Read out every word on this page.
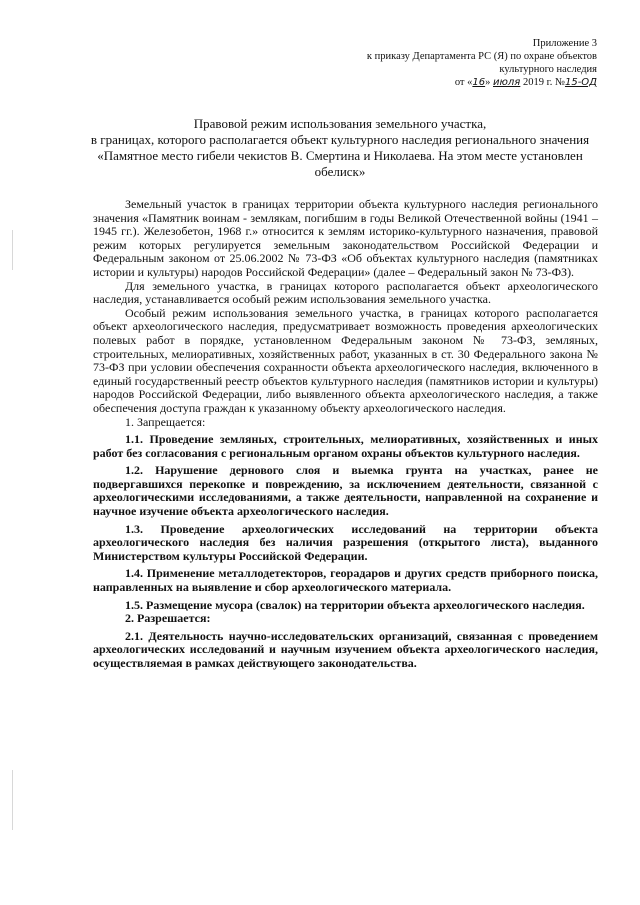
Приложение 3
к приказу Департамента РС (Я) по охране объектов
культурного наследия
от «16» июля 2019 г. №15-ОД
Правовой режим использования земельного участка,
в границах, которого располагается объект культурного наследия регионального значения
«Памятное место гибели чекистов В. Смертина и Николаева. На этом месте установлен
обелиск»

Земельный участок в границах территории объекта культурного наследия регионального значения «Памятник воинам - землякам, погибшим в годы Великой Отечественной войны (1941 – 1945 гг.). Железобетон, 1968 г.» относится к землям историко-культурного назначения, правовой режим которых регулируется земельным законодательством Российской Федерации и Федеральным законом от 25.06.2002 № 73-ФЗ «Об объектах культурного наследия (памятниках истории и культуры) народов Российской Федерации» (далее – Федеральный закон № 73-ФЗ).

Для земельного участка, в границах которого располагается объект археологического наследия, устанавливается особый режим использования земельного участка.

Особый режим использования земельного участка, в границах которого располагается объект археологического наследия, предусматривает возможность проведения археологических полевых работ в порядке, установленном Федеральным законом № 73-ФЗ, земляных, строительных, мелиоративных, хозяйственных работ, указанных в ст. 30 Федерального закона № 73-ФЗ при условии обеспечения сохранности объекта археологического наследия, включенного в единый государственный реестр объектов культурного наследия (памятников истории и культуры) народов Российской Федерации, либо выявленного объекта археологического наследия, а также обеспечения доступа граждан к указанному объекту археологического наследия.

1. Запрещается:

1.1. Проведение земляных, строительных, мелиоративных, хозяйственных и иных работ без согласования с региональным органом охраны объектов культурного наследия.

1.2. Нарушение дернового слоя и выемка грунта на участках, ранее не подвергавшихся перекопке и повреждению, за исключением деятельности, связанной с археологическими исследованиями, а также деятельности, направленной на сохранение и научное изучение объекта археологического наследия.

1.3. Проведение археологических исследований на территории объекта археологического наследия без наличия разрешения (открытого листа), выданного Министерством культуры Российской Федерации.

1.4. Применение металлодетекторов, георадаров и других средств приборного поиска, направленных на выявление и сбор археологического материала.

1.5. Размещение мусора (свалок) на территории объекта археологического наследия.

2. Разрешается:

2.1. Деятельность научно-исследовательских организаций, связанная с проведением археологических исследований и научным изучением объекта археологического наследия, осуществляемая в рамках действующего законодательства.
